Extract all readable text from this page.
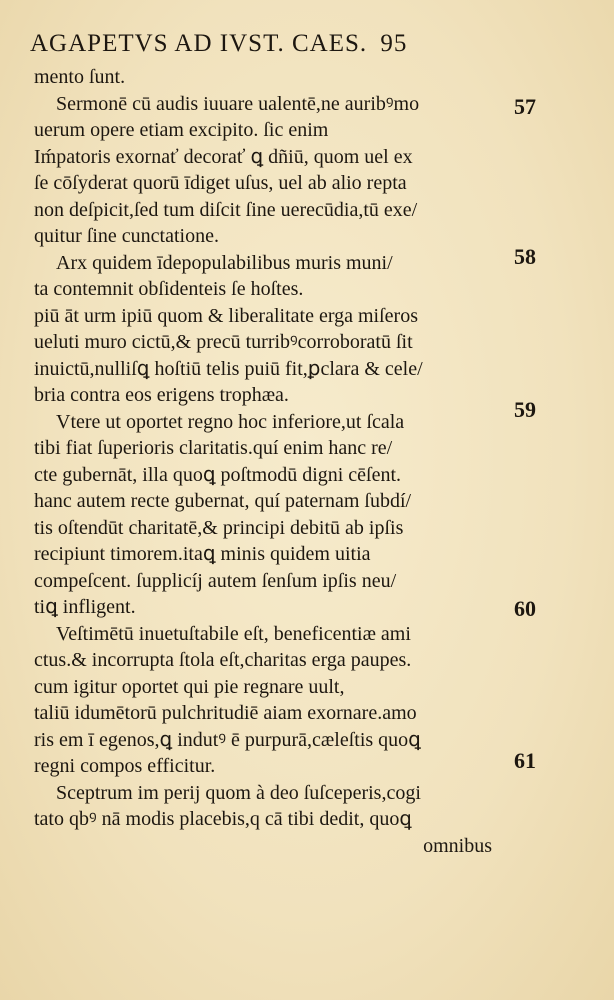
AGAPETVS AD IVST. CAES. 95
mento ſunt.
Sermonē cū audis iuuare ualentē,ne auribꝰmo
uerum opere etiam excipito. ſic enim
Iḿpatoris exornať decorať ꝗ dñiū, quom uel ex
ſe cōſyderat quorū īdiget uſus, uel ab alio repta
non deſpicit,ſed tum diſcit ſine uerecūdia,tū exe/
quitur ſine cunctatione.
Arx quidem īdepopulabilibus muris muni/
ta contemnit obſidenteis ſe hoſtes.
piū āt urm ipiū quom & liberalitate erga miſeros
ueluti muro cictū,& precū turribꝰcorroboratū ſit
inuictū,nulliſꝗ hoſtiū telis puiū fit,ꝑclara & cele/
bria contra eos erigens trophæa.
Vtere ut oportet regno hoc inferiore,ut ſcala
tibi fiat ſuperioris claritatis.quí enim hanc re/
cte gubernāt, illa quoꝗ poſtmodū digni cēſent.
hanc autem recte gubernat, quí paternam ſubdí/
tis oſtendūt charitatē,& principi debitū ab ipſis
recipiunt timorem.itaꝗ minis quidem uitia
compeſcent. ſupplicíj autem ſenſum ipſis neu/
tiꝗ infligent.
Veſtimētū inuetuſtabile eſt, beneficentiæ ami
ctus.& incorrupta ſtola eſt,charitas erga paupes.
cum igitur oportet qui pie regnare uult,
taliū idumētorū pulchritudiē aiam exornare.amo
ris em ī egenos,ꝗ indutꝰ ē purpurā,cæleſtis quoꝗ
regni compos efficitur.
Sceptrum im perij quom à deo ſuſceperis,cogi
tato qbꝰ nā modis placebis,q cā tibi dedit, quoꝗ
omnibus
57
58
59
60
61
